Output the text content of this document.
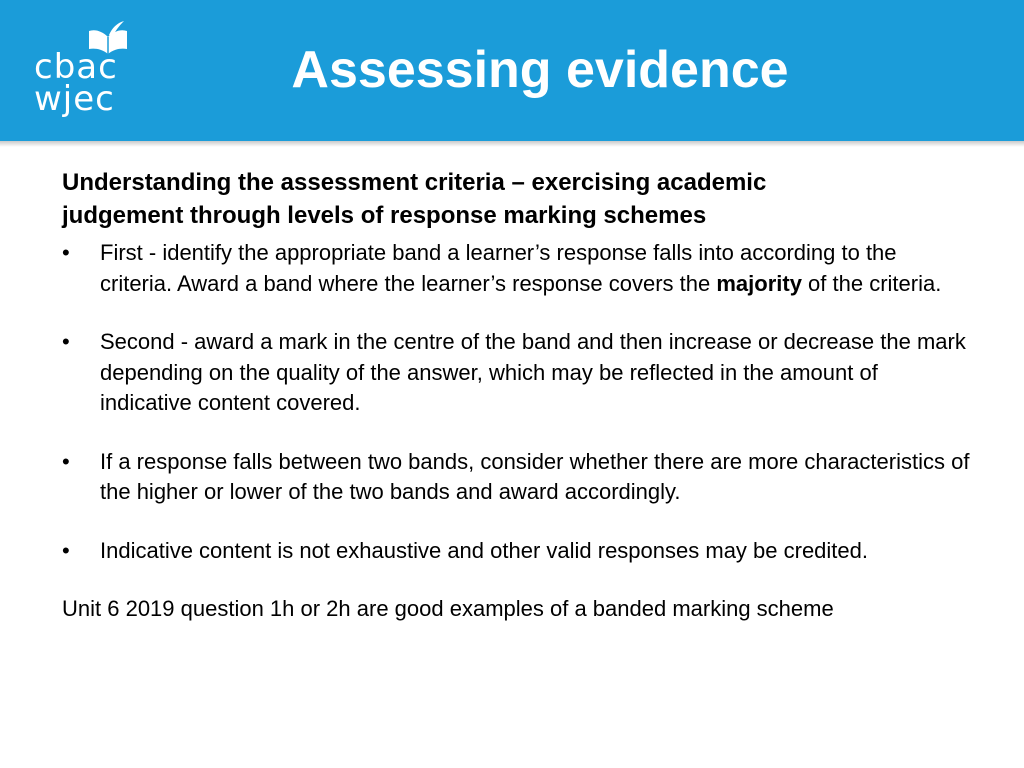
cbac
wjec	Assessing evidence
Understanding the assessment criteria – exercising academic
judgement through levels of response marking schemes
•	First - identify the appropriate band a learner’s response falls into according to the criteria. Award a band where the learner’s response covers the majority of the criteria.
•	Second - award a mark in the centre of the band and then increase or decrease the mark depending on the quality of the answer, which may be reflected in the amount of indicative content covered.
•	If a response falls between two bands, consider whether there are more characteristics of the higher or lower of the two bands and award accordingly.
•	Indicative content is not exhaustive and other valid responses may be credited.

Unit 6 2019 question 1h or 2h are good examples of a banded marking scheme
